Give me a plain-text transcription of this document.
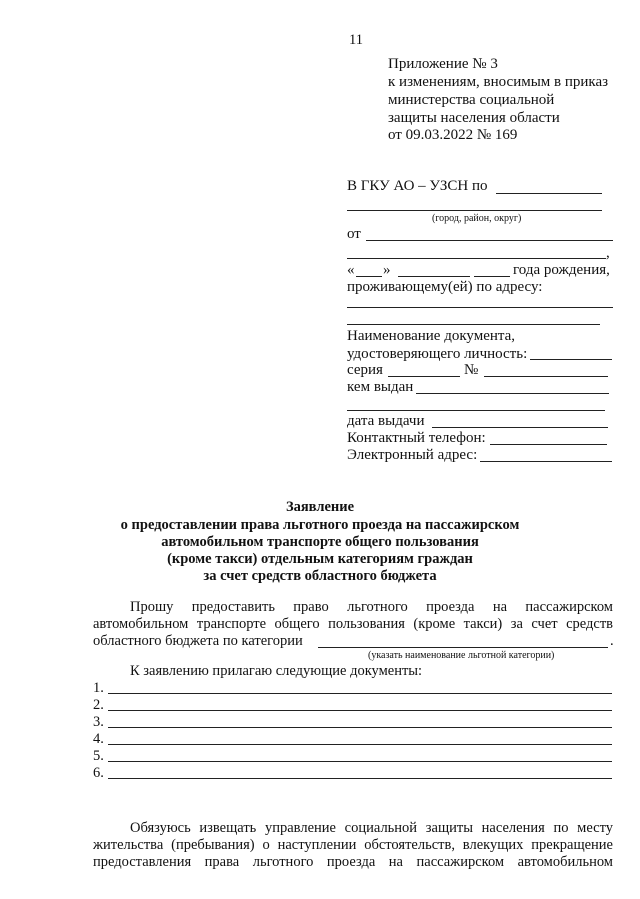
11
Приложение № 3
к изменениям, вносимым в приказ
министерства социальной
защиты населения области
от 09.03.2022 № 169
В ГКУ АО – УЗСН по
(город, район, округ)
от
,
« »	года рождения,
проживающему(ей) по адресу:
Наименование документа,
удостоверяющего личность:
серия	№
кем выдан
дата выдачи
Контактный телефон:
Электронный адрес:
Заявление
о предоставлении права льготного проезда на пассажирском
автомобильном транспорте общего пользования
(кроме такси) отдельным категориям граждан
за счет средств областного бюджета
Прошу предоставить право льготного проезда на пассажирском
автомобильном транспорте общего пользования (кроме такси) за счет средств
областного бюджета по категории	.
(указать наименование льготной категории)
К заявлению прилагаю следующие документы:
1.
2.
3.
4.
5.
6.
Обязуюсь извещать управление социальной защиты населения по месту
жительства (пребывания) о наступлении обстоятельств, влекущих прекращение
предоставления права льготного проезда на пассажирском автомобильном
